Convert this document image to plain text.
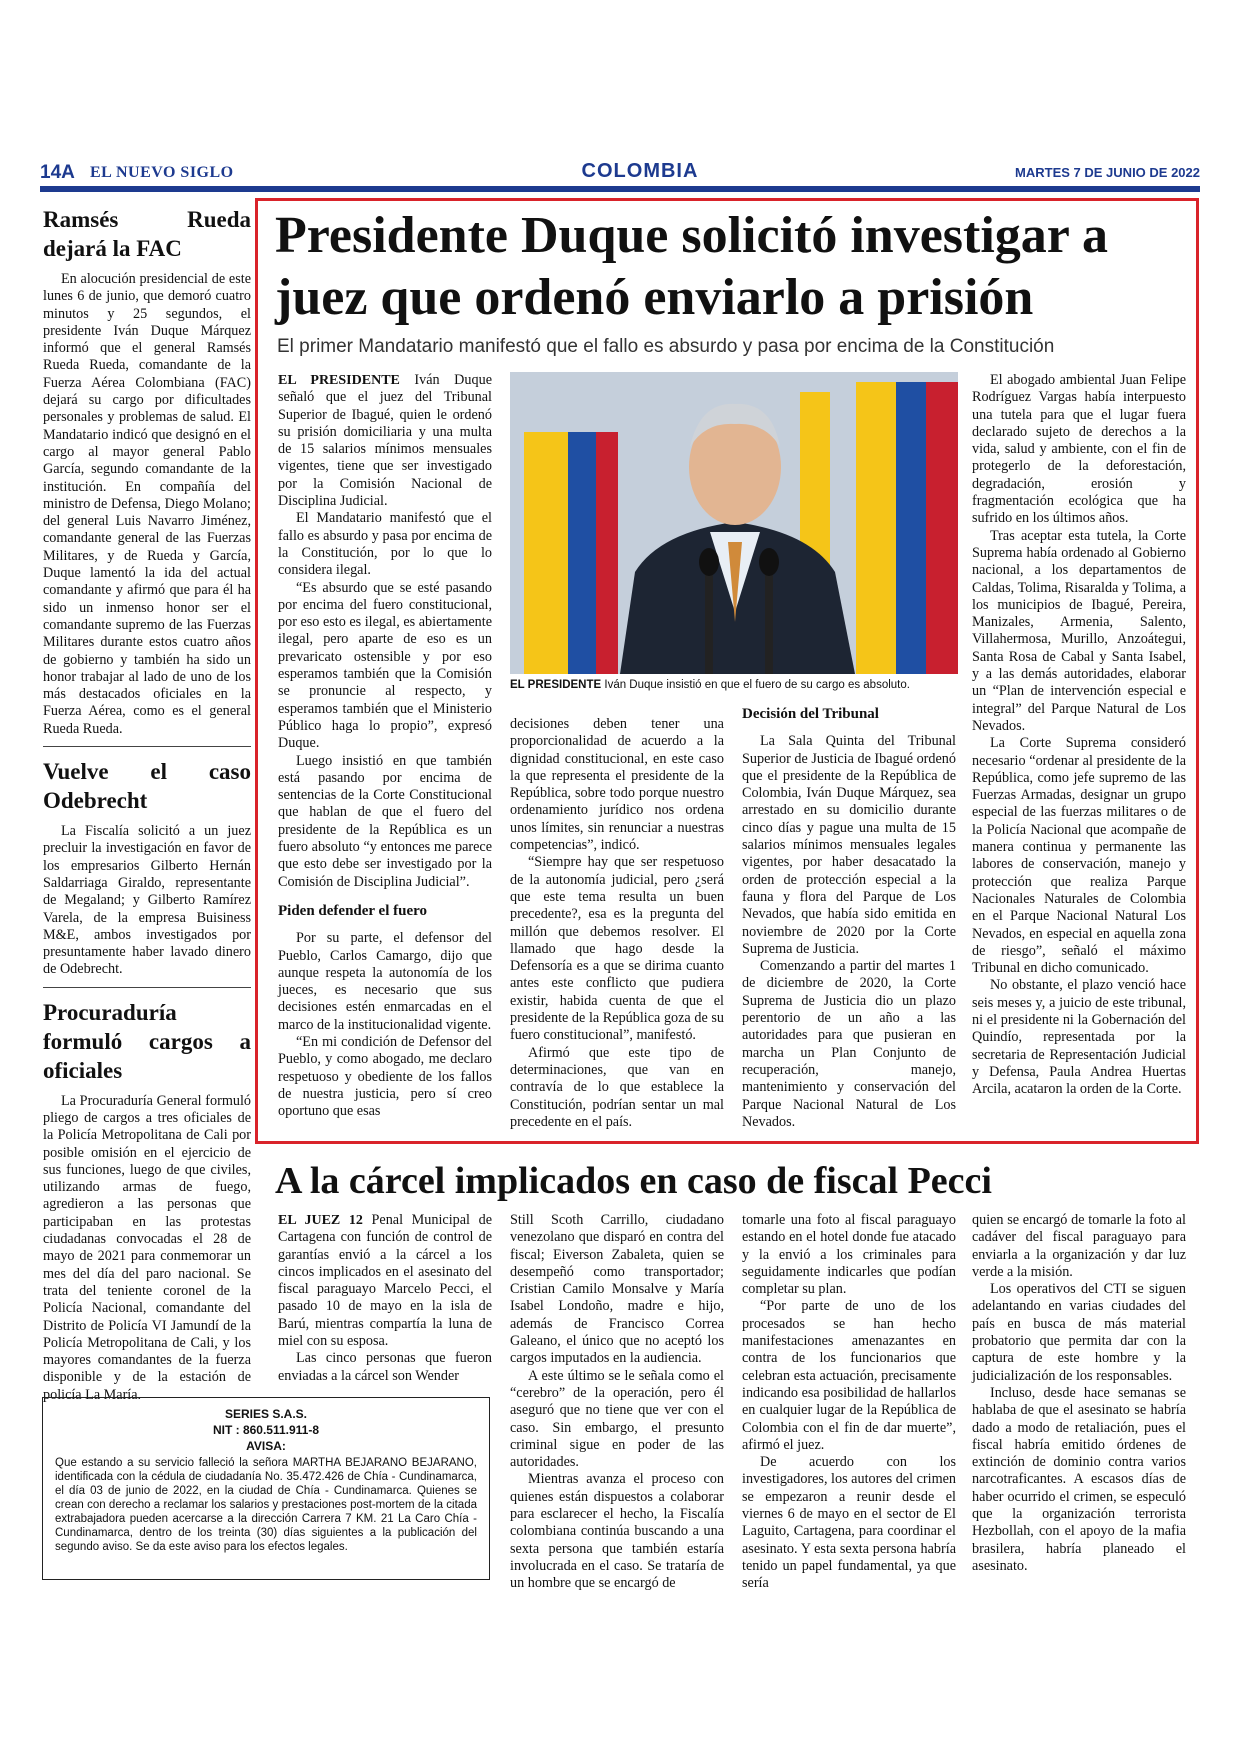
14A EL NUEVO SIGLO	COLOMBIA	MARTES 7 DE JUNIO DE 2022
Ramsés Rueda dejará la FAC

En alocución presidencial de este lunes 6 de junio, que demoró cuatro minutos y 25 segundos, el presidente Iván Duque Márquez informó que el general Ramsés Rueda Rueda, comandante de la Fuerza Aérea Colombiana (FAC) dejará su cargo por dificultades personales y problemas de salud. El Mandatario indicó que designó en el cargo al mayor general Pablo García, segundo comandante de la institución. En compañía del ministro de Defensa, Diego Molano; del general Luis Navarro Jiménez, comandante general de las Fuerzas Militares, y de Rueda y García, Duque lamentó la ida del actual comandante y afirmó que para él ha sido un inmenso honor ser el comandante supremo de las Fuerzas Militares durante estos cuatro años de gobierno y también ha sido un honor trabajar al lado de uno de los más destacados oficiales en la Fuerza Aérea, como es el general Rueda Rueda.

Vuelve el caso Odebrecht

La Fiscalía solicitó a un juez precluir la investigación en favor de los empresarios Gilberto Hernán Saldarriaga Giraldo, representante de Megaland; y Gilberto Ramírez Varela, de la empresa Buisiness M&E, ambos investigados por presuntamente haber lavado dinero de Odebrecht.

Procuraduría formuló cargos a oficiales

La Procuraduría General formuló pliego de cargos a tres oficiales de la Policía Metropolitana de Cali por posible omisión en el ejercicio de sus funciones, luego de que civiles, utilizando armas de fuego, agredieron a las personas que participaban en las protestas ciudadanas convocadas el 28 de mayo de 2021 para conmemorar un mes del día del paro nacional. Se trata del teniente coronel de la Policía Nacional, comandante del Distrito de Policía VI Jamundí de la Policía Metropolitana de Cali, y los mayores comandantes de la fuerza disponible y de la estación de policía La María.

Presidente Duque solicitó investigar a juez que ordenó enviarlo a prisión
El primer Mandatario manifestó que el fallo es absurdo y pasa por encima de la Constitución

EL PRESIDENTE Iván Duque señaló que el juez del Tribunal Superior de Ibagué, quien le ordenó su prisión domiciliaria y una multa de 15 salarios mínimos mensuales vigentes, tiene que ser investigado por la Comisión Nacional de Disciplina Judicial.

El Mandatario manifestó que el fallo es absurdo y pasa por encima de la Constitución, por lo que lo considera ilegal.

“Es absurdo que se esté pasando por encima del fuero constitucional, por eso esto es ilegal, es abiertamente ilegal, pero aparte de eso es un prevaricato ostensible y por eso esperamos también que la Comisión se pronuncie al respecto, y esperamos también que el Ministerio Público haga lo propio”, expresó Duque.

Luego insistió en que también está pasando por encima de sentencias de la Corte Constitucional que hablan de que el fuero del presidente de la República es un fuero absoluto “y entonces me parece que esto debe ser investigado por la Comisión de Disciplina Judicial”.

Piden defender el fuero

Por su parte, el defensor del Pueblo, Carlos Camargo, dijo que aunque respeta la autonomía de los jueces, es necesario que sus decisiones estén enmarcadas en el marco de la institucionalidad vigente.

“En mi condición de Defensor del Pueblo, y como abogado, me declaro respetuoso y obediente de los fallos de nuestra justicia, pero sí creo oportuno que esas

EL PRESIDENTE Iván Duque insistió en que el fuero de su cargo es absoluto.

decisiones deben tener una proporcionalidad de acuerdo a la dignidad constitucional, en este caso la que representa el presidente de la República, sobre todo porque nuestro ordenamiento jurídico nos ordena unos límites, sin renunciar a nuestras competencias”, indicó.

“Siempre hay que ser respetuoso de la autonomía judicial, pero ¿será que este tema resulta un buen precedente?, esa es la pregunta del millón que debemos resolver. El llamado que hago desde la Defensoría es a que se dirima cuanto antes este conflicto que pudiera existir, habida cuenta de que el presidente de la República goza de su fuero constitucional”, manifestó.

Afirmó que este tipo de determinaciones, que van en contravía de lo que establece la Constitución, podrían sentar un mal precedente en el país.

Decisión del Tribunal

La Sala Quinta del Tribunal Superior de Justicia de Ibagué ordenó que el presidente de la República de Colombia, Iván Duque Márquez, sea arrestado en su domicilio durante cinco días y pague una multa de 15 salarios mínimos mensuales legales vigentes, por haber desacatado la orden de protección especial a la fauna y flora del Parque de Los Nevados, que había sido emitida en noviembre de 2020 por la Corte Suprema de Justicia.

Comenzando a partir del martes 1 de diciembre de 2020, la Corte Suprema de Justicia dio un plazo perentorio de un año a las autoridades para que pusieran en marcha un Plan Conjunto de recuperación, manejo, mantenimiento y conservación del Parque Nacional Natural de Los Nevados.

El abogado ambiental Juan Felipe Rodríguez Vargas había interpuesto una tutela para que el lugar fuera declarado sujeto de derechos a la vida, salud y ambiente, con el fin de protegerlo de la deforestación, degradación, erosión y fragmentación ecológica que ha sufrido en los últimos años.

Tras aceptar esta tutela, la Corte Suprema había ordenado al Gobierno nacional, a los departamentos de Caldas, Tolima, Risaralda y Tolima, a los municipios de Ibagué, Pereira, Manizales, Armenia, Salento, Villahermosa, Murillo, Anzoátegui, Santa Rosa de Cabal y Santa Isabel, y a las demás autoridades, elaborar un “Plan de intervención especial e integral” del Parque Natural de Los Nevados.

La Corte Suprema consideró necesario “ordenar al presidente de la República, como jefe supremo de las Fuerzas Armadas, designar un grupo especial de las fuerzas militares o de la Policía Nacional que acompañe de manera continua y permanente las labores de conservación, manejo y protección que realiza Parque Nacionales Naturales de Colombia en el Parque Nacional Natural Los Nevados, en especial en aquella zona de riesgo”, señaló el máximo Tribunal en dicho comunicado.

No obstante, el plazo venció hace seis meses y, a juicio de este tribunal, ni el presidente ni la Gobernación del Quindío, representada por la secretaria de Representación Judicial y Defensa, Paula Andrea Huertas Arcila, acataron la orden de la Corte.

A la cárcel implicados en caso de fiscal Pecci

EL JUEZ 12 Penal Municipal de Cartagena con función de control de garantías envió a la cárcel a los cincos implicados en el asesinato del fiscal paraguayo Marcelo Pecci, el pasado 10 de mayo en la isla de Barú, mientras compartía la luna de miel con su esposa.

Las cinco personas que fueron enviadas a la cárcel son Wender

Still Scoth Carrillo, ciudadano venezolano que disparó en contra del fiscal; Eiverson Zabaleta, quien se desempeñó como transportador; Cristian Camilo Monsalve y María Isabel Londoño, madre e hijo, además de Francisco Correa Galeano, el único que no aceptó los cargos imputados en la audiencia.

A este último se le señala como el “cerebro” de la operación, pero él aseguró que no tiene que ver con el caso. Sin embargo, el presunto criminal sigue en poder de las autoridades.

Mientras avanza el proceso con quienes están dispuestos a colaborar para esclarecer el hecho, la Fiscalía colombiana continúa buscando a una sexta persona que también estaría involucrada en el caso. Se trataría de un hombre que se encargó de

tomarle una foto al fiscal paraguayo estando en el hotel donde fue atacado y la envió a los criminales para seguidamente indicarles que podían completar su plan.

“Por parte de uno de los procesados se han hecho manifestaciones amenazantes en contra de los funcionarios que celebran esta actuación, precisamente indicando esa posibilidad de hallarlos en cualquier lugar de la República de Colombia con el fin de dar muerte”, afirmó el juez.

De acuerdo con los investigadores, los autores del crimen se empezaron a reunir desde el viernes 6 de mayo en el sector de El Laguito, Cartagena, para coordinar el asesinato. Y esta sexta persona habría tenido un papel fundamental, ya que sería

quien se encargó de tomarle la foto al cadáver del fiscal paraguayo para enviarla a la organización y dar luz verde a la misión.

Los operativos del CTI se siguen adelantando en varias ciudades del país en busca de más material probatorio que permita dar con la captura de este hombre y la judicialización de los responsables.

Incluso, desde hace semanas se hablaba de que el asesinato se habría dado a modo de retaliación, pues el fiscal habría emitido órdenes de extinción de dominio contra varios narcotraficantes. A escasos días de haber ocurrido el crimen, se especuló que la organización terrorista Hezbollah, con el apoyo de la mafia brasilera, habría planeado el asesinato.

SERIES S.A.S.
NIT : 860.511.911-8
AVISA:
Que estando a su servicio falleció la señora MARTHA BEJARANO BEJARANO, identificada con la cédula de ciudadanía No. 35.472.426 de Chía - Cundinamarca, el día 03 de junio de 2022, en la ciudad de Chía - Cundinamarca. Quienes se crean con derecho a reclamar los salarios y prestaciones post-mortem de la citada extrabajadora pueden acercarse a la dirección Carrera 7 KM. 21 La Caro Chía - Cundinamarca, dentro de los treinta (30) días siguientes a la publicación del segundo aviso. Se da este aviso para los efectos legales.
